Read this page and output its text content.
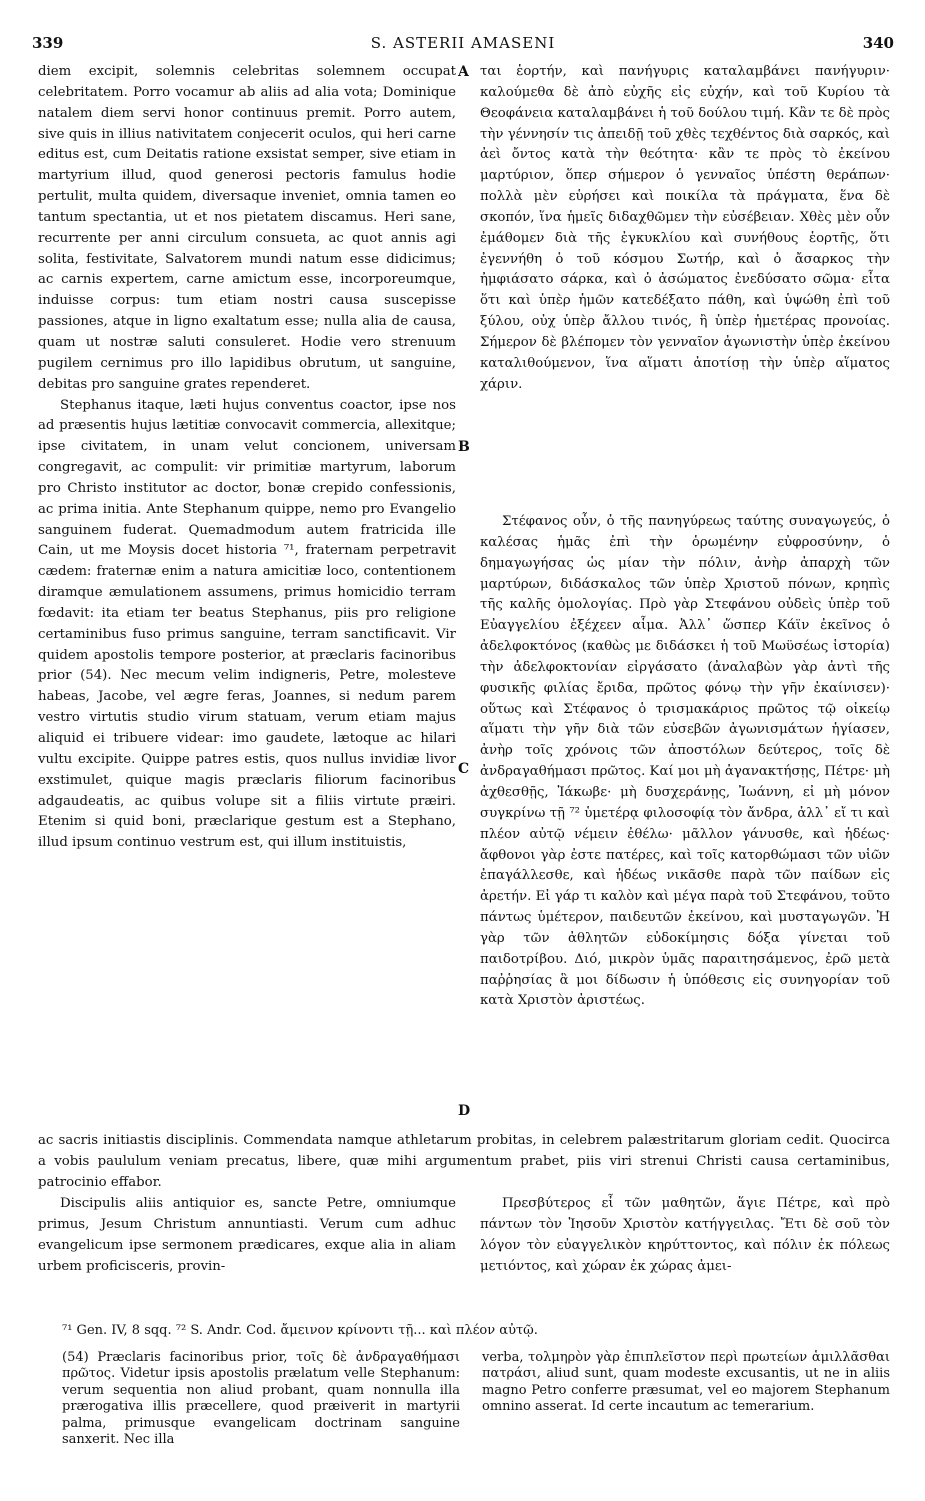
339	S. ASTERII AMASENI	340

diem excipit, solemnis celebritas solemnem occupat celebritatem. Porro vocamur ab aliis ad alia vota; Dominique natalem diem servi honor continuus premit. Porro autem, sive quis in illius nativitatem conjecerit oculos, qui heri carne editus est, cum Deitatis ratione exsistat semper, sive etiam in martyrium illud, quod generosi pectoris famulus hodie pertulit, multa quidem, diversaque inveniet, omnia tamen eo tantum spectantia, ut et nos pietatem discamus. Heri sane, recurrente per anni circulum consueta, ac quot annis agi solita, festivitate, Salvatorem mundi natum esse didicimus; ac carnis expertem, carne amictum esse, incorporeumque, induisse corpus: tum etiam nostri causa suscepisse passiones, atque in ligno exaltatum esse; nulla alia de causa, quam ut nostræ saluti consuleret. Hodie vero strenuum pugilem cernimus pro illo lapidibus obrutum, ut sanguine, debitas pro sanguine grates rependeret.

Stephanus itaque, læti hujus conventus coactor, ipse nos ad præsentis hujus lætitiæ convocavit commercia, allexitque; ipse civitatem, in unam velut concionem, universam congregavit, ac compulit: vir primitiæ martyrum, laborum pro Christo institutor ac doctor, bonæ crepido confessionis, ac prima initia. Ante Stephanum quippe, nemo pro Evangelio sanguinem fuderat. Quemadmodum autem fratricida ille Cain, ut me Moysis docet historia ⁷¹, fraternam perpetravit cædem: fraternæ enim a natura amicitiæ loco, contentionem diramque æmulationem assumens, primus homicidio terram fœdavit: ita etiam ter beatus Stephanus, piis pro religione certaminibus fuso primus sanguine, terram sanctificavit. Vir quidem apostolis tempore posterior, at præclaris facinoribus prior (54). Nec mecum velim indigneris, Petre, molesteve habeas, Jacobe, vel ægre feras, Joannes, si nedum parem vestro virtutis studio virum statuam, verum etiam majus aliquid ei tribuere videar: imo gaudete, lætoque ac hilari vultu excipite. Quippe patres estis, quos nullus invidiæ livor exstimulet, quique magis præclaris filiorum facinoribus adgaudeatis, ac quibus volupe sit a filiis virtute præiri. Etenim si quid boni, præclarique gestum est a Stephano, illud ipsum continuo vestrum est, qui illum instituistis,

A
B
C
D

ται ἑορτήν, καὶ πανήγυρις καταλαμβάνει πανήγυριν· καλούμεθα δὲ ἀπὸ εὐχῆς εἰς εὐχήν, καὶ τοῦ Κυρίου τὰ Θεοφάνεια καταλαμβάνει ἡ τοῦ δούλου τιμή. Κἂν τε δὲ πρὸς τὴν γέννησίν τις ἀπειδῇ τοῦ χθὲς τεχθέντος διὰ σαρκός, καὶ ἀεὶ ὄντος κατὰ τὴν θεότητα· κἂν τε πρὸς τὸ ἐκείνου μαρτύριον, ὅπερ σήμερον ὁ γενναῖος ὑπέστη θεράπων· πολλὰ μὲν εὑρήσει καὶ ποικίλα τὰ πράγματα, ἕνα δὲ σκοπόν, ἵνα ἡμεῖς διδαχθῶμεν τὴν εὐσέβειαν. Χθὲς μὲν οὖν ἐμάθομεν διὰ τῆς ἐγκυκλίου καὶ συνήθους ἑορτῆς, ὅτι ἐγεννήθη ὁ τοῦ κόσμου Σωτήρ, καὶ ὁ ἄσαρκος τὴν ἠμφιάσατο σάρκα, καὶ ὁ ἀσώματος ἐνεδύσατο σῶμα· εἶτα ὅτι καὶ ὑπὲρ ἡμῶν κατεδέξατο πάθη, καὶ ὑψώθη ἐπὶ τοῦ ξύλου, οὐχ ὑπὲρ ἄλλου τινός, ἢ ὑπὲρ ἡμετέρας προνοίας. Σήμερον δὲ βλέπομεν τὸν γενναῖον ἀγωνιστὴν ὑπὲρ ἐκείνου καταλιθούμενον, ἵνα αἵματι ἀποτίσῃ τὴν ὑπὲρ αἵματος χάριν.

Στέφανος οὖν, ὁ τῆς πανηγύρεως ταύτης συναγωγεύς, ὁ καλέσας ἡμᾶς ἐπὶ τὴν ὁρωμένην εὐφροσύνην, ὁ δημαγωγήσας ὡς μίαν τὴν πόλιν, ἀνὴρ ἀπαρχὴ τῶν μαρτύρων, διδάσκαλος τῶν ὑπὲρ Χριστοῦ πόνων, κρηπὶς τῆς καλῆς ὁμολογίας. Πρὸ γὰρ Στεφάνου οὐδεὶς ὑπὲρ τοῦ Εὐαγγελίου ἐξέχεεν αἷμα. Ἀλλ᾽ ὥσπερ Κάϊν ἐκεῖνος ὁ ἀδελφοκτόνος (καθὼς με διδάσκει ἡ τοῦ Μωϋσέως ἱστορία) τὴν ἀδελφοκτονίαν εἰργάσατο (ἀναλαβὼν γὰρ ἀντὶ τῆς φυσικῆς φιλίας ἔριδα, πρῶτος φόνῳ τὴν γῆν ἐκαίνισεν)· οὕτως καὶ Στέφανος ὁ τρισμακάριος πρῶτος τῷ οἰκείῳ αἵματι τὴν γῆν διὰ τῶν εὐσεβῶν ἀγωνισμάτων ἡγίασεν, ἀνὴρ τοῖς χρόνοις τῶν ἀποστόλων δεύτερος, τοῖς δὲ ἀνδραγαθήμασι πρῶτος. Καί μοι μὴ ἀγανακτήσῃς, Πέτρε· μὴ ἀχθεσθῇς, Ἰάκωβε· μὴ δυσχεράνῃς, Ἰωάννη, εἰ μὴ μόνον συγκρίνω τῇ ⁷² ὑμετέρᾳ φιλοσοφίᾳ τὸν ἄνδρα, ἀλλ᾽ εἴ τι καὶ πλέον αὐτῷ νέμειν ἐθέλω· μᾶλλον γάνυσθε, καὶ ἡδέως· ἄφθονοι γὰρ ἐστε πατέρες, καὶ τοῖς κατορθώμασι τῶν υἱῶν ἐπαγάλλεσθε, καὶ ἡδέως νικᾶσθε παρὰ τῶν παίδων εἰς ἀρετήν. Εἰ γάρ τι καλὸν καὶ μέγα παρὰ τοῦ Στεφάνου, τοῦτο πάντως ὑμέτερον, παιδευτῶν ἐκείνου, καὶ μυσταγωγῶν. Ἡ γὰρ τῶν ἀθλητῶν εὐδοκίμησις δόξα γίνεται τοῦ παιδοτρίβου. Διό, μικρὸν ὑμᾶς παραιτησάμενος, ἐρῶ μετὰ παῤῥησίας ἃ μοι δίδωσιν ἡ ὑπόθεσις εἰς συνηγορίαν τοῦ κατὰ Χριστὸν ἀριστέως.

ac sacris initiastis disciplinis. Commendata namque athletarum probitas, in celebrem palæstritarum gloriam cedit. Quocirca a vobis paululum veniam precatus, libere, quæ mihi argumentum prabet, piis viri strenui Christi causa certaminibus, patrocinio effabor.

Discipulis aliis antiquior es, sancte Petre, omniumque primus, Jesum Christum annuntiasti. Verum cum adhuc evangelicum ipse sermonem prædicares, exque alia in aliam urbem proficisceris, provin-

Πρεσβύτερος εἶ τῶν μαθητῶν, ἅγιε Πέτρε, καὶ πρὸ πάντων τὸν Ἰησοῦν Χριστὸν κατήγγειλας. Ἔτι δὲ σοῦ τὸν λόγον τὸν εὐαγγελικὸν κηρύττοντος, καὶ πόλιν ἐκ πόλεως μετιόντος, καὶ χώραν ἐκ χώρας ἀμει-

⁷¹ Gen. IV, 8 sqq. ⁷² S. Andr. Cod. ἄμεινον κρίνοντι τῇ... καὶ πλέον αὐτῷ.

(54) Præclaris facinoribus prior, τοῖς δὲ ἀνδραγαθήμασι πρῶτος. Videtur ipsis apostolis prælatum velle Stephanum: verum sequentia non aliud probant, quam nonnulla illa prærogativa illis præcellere, quod præiverit in martyrii palma, primusque evangelicam doctrinam sanguine sanxerit. Nec illa

verba, τολμηρὸν γὰρ ἐπιπλεῖστον περὶ πρωτείων ἁμιλλᾶσθαι πατράσι, aliud sunt, quam modeste excusantis, ut ne in aliis magno Petro conferre præsumat, vel eo majorem Stephanum omnino asserat. Id certe incautum ac temerarium.
